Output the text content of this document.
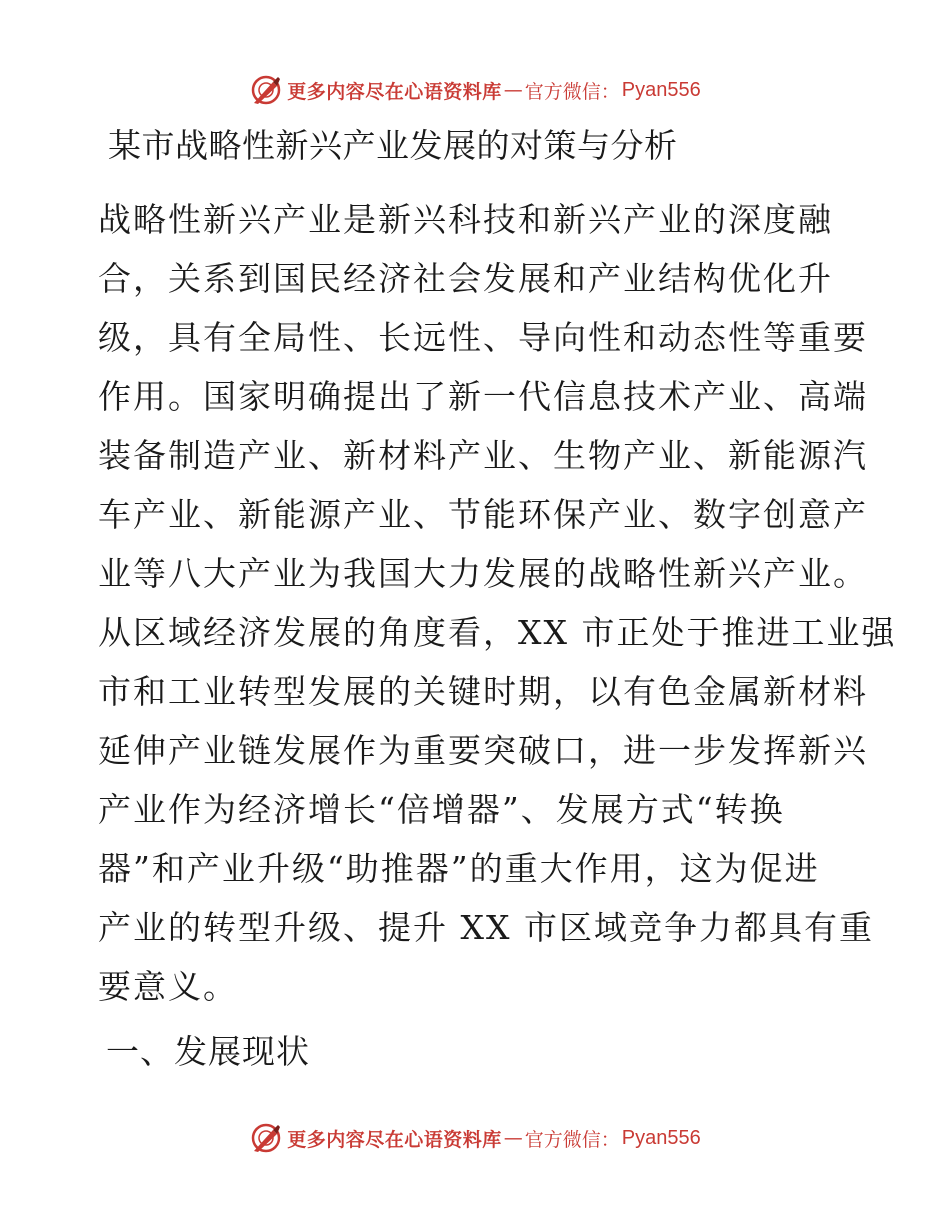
更多内容尽在心语资料库 — 官方微信： Pyan556
某市战略性新兴产业发展的对策与分析
战略性新兴产业是新兴科技和新兴产业的深度融
合，关系到国民经济社会发展和产业结构优化升
级，具有全局性、长远性、导向性和动态性等重要
作用。国家明确提出了新一代信息技术产业、高端
装备制造产业、新材料产业、生物产业、新能源汽
车产业、新能源产业、节能环保产业、数字创意产
业等八大产业为我国大力发展的战略性新兴产业。
从区域经济发展的角度看，XX 市正处于推进工业强
市和工业转型发展的关键时期，以有色金属新材料
延伸产业链发展作为重要突破口，进一步发挥新兴
产业作为经济增长“倍增器”、发展方式“转换
器”和产业升级“助推器”的重大作用，这为促进
产业的转型升级、提升 XX 市区域竞争力都具有重
要意义。
一、发展现状
更多内容尽在心语资料库 — 官方微信： Pyan556
